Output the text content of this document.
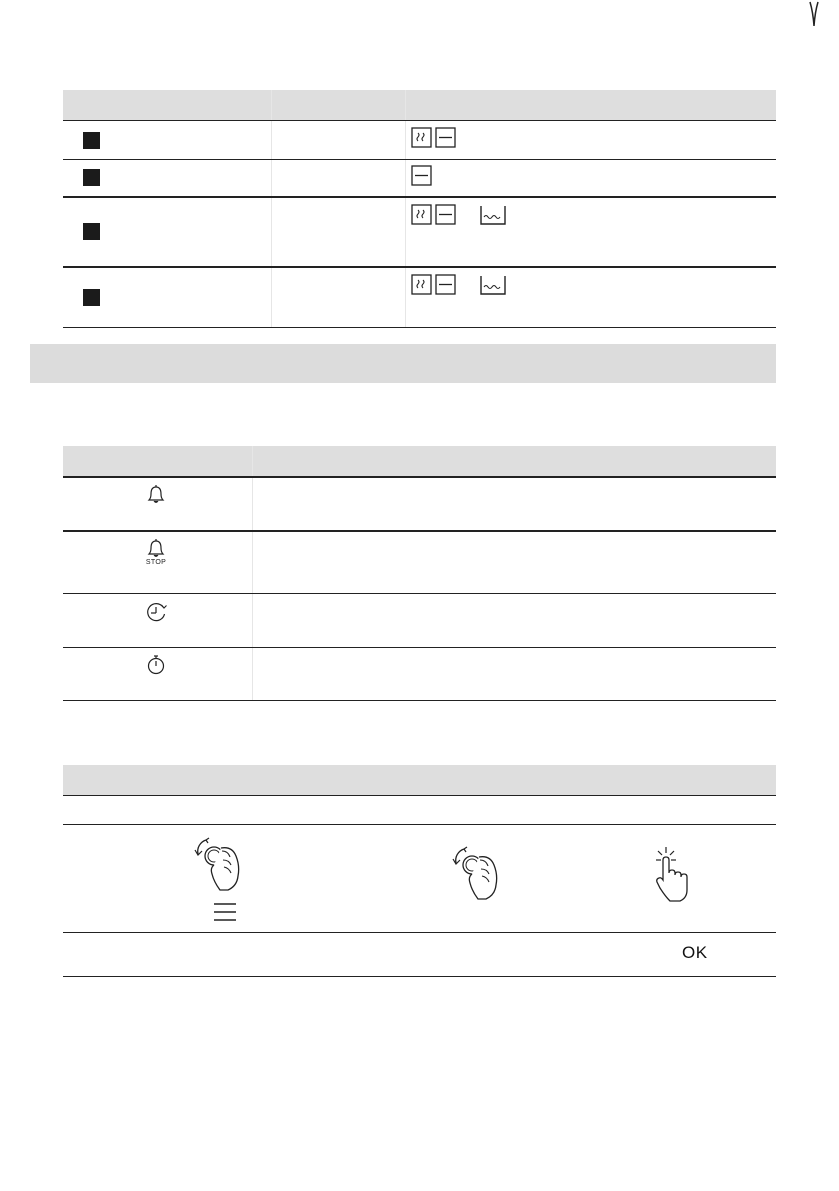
STOP
OK
